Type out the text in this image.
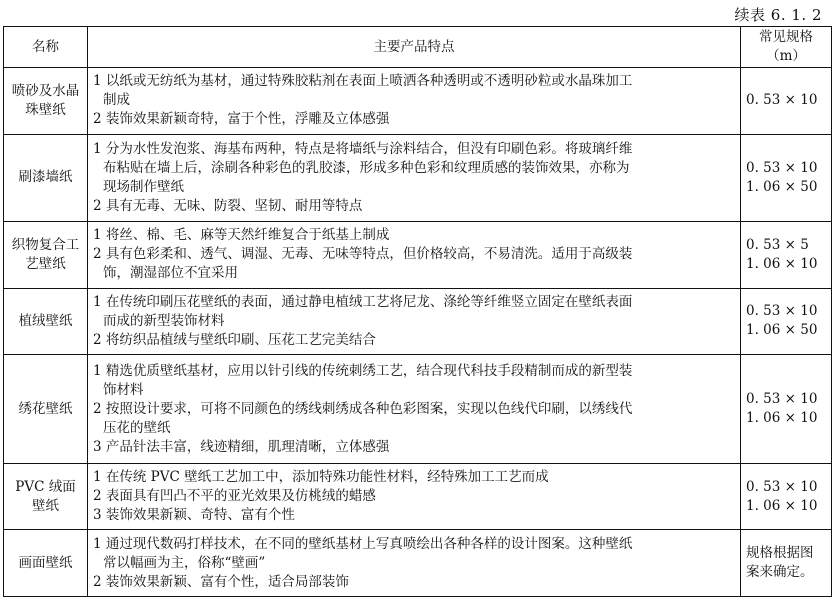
续表 6. 1. 2
名称	主要产品特点	常见规格（m）
喷砂及水晶珠壁纸	1 以纸或无纺纸为基材，通过特殊胶粘剂在表面上喷洒各种透明或不透明砂粒或水晶珠加工
制成
2 装饰效果新颖奇特，富于个性，浮雕及立体感强	0. 53 × 10

刷漆墙纸	1 分为水性发泡浆、海基布两种，特点是将墙纸与涂料结合，但没有印刷色彩。将玻璃纤维
布粘贴在墙上后，涂刷各种彩色的乳胶漆，形成多种色彩和纹理质感的装饰效果，亦称为
现场制作壁纸
2 具有无毒、无味、防裂、坚韧、耐用等特点	0. 53 × 10
1. 06 × 50

织物复合工艺壁纸	1 将丝、棉、毛、麻等天然纤维复合于纸基上制成
2 具有色彩柔和、透气、调湿、无毒、无味等特点，但价格较高，不易清洗。适用于高级装
饰，潮湿部位不宜采用	0. 53 × 5
1. 06 × 10

植绒壁纸	1 在传统印刷压花壁纸的表面，通过静电植绒工艺将尼龙、涤纶等纤维竖立固定在壁纸表面
而成的新型装饰材料
2 将纺织品植绒与壁纸印刷、压花工艺完美结合	0. 53 × 10
1. 06 × 50

绣花壁纸	1 精选优质壁纸基材，应用以针引线的传统刺绣工艺，结合现代科技手段精制而成的新型装
饰材料
2 按照设计要求，可将不同颜色的绣线刺绣成各种色彩图案，实现以色线代印刷，以绣线代
压花的壁纸
3 产品针法丰富，线迹精细，肌理清晰，立体感强	0. 53 × 10
1. 06 × 10

PVC 绒面壁纸	1 在传统 PVC 壁纸工艺加工中，添加特殊功能性材料，经特殊加工工艺而成
2 表面具有凹凸不平的亚光效果及仿桃绒的蜡感
3 装饰效果新颖、奇特、富有个性	0. 53 × 10
1. 06 × 10

画面壁纸	1 通过现代数码打样技术，在不同的壁纸基材上写真喷绘出各种各样的设计图案。这种壁纸
常以幅画为主，俗称“壁画”
2 装饰效果新颖、富有个性，适合局部装饰	规格根据图案来确定。
